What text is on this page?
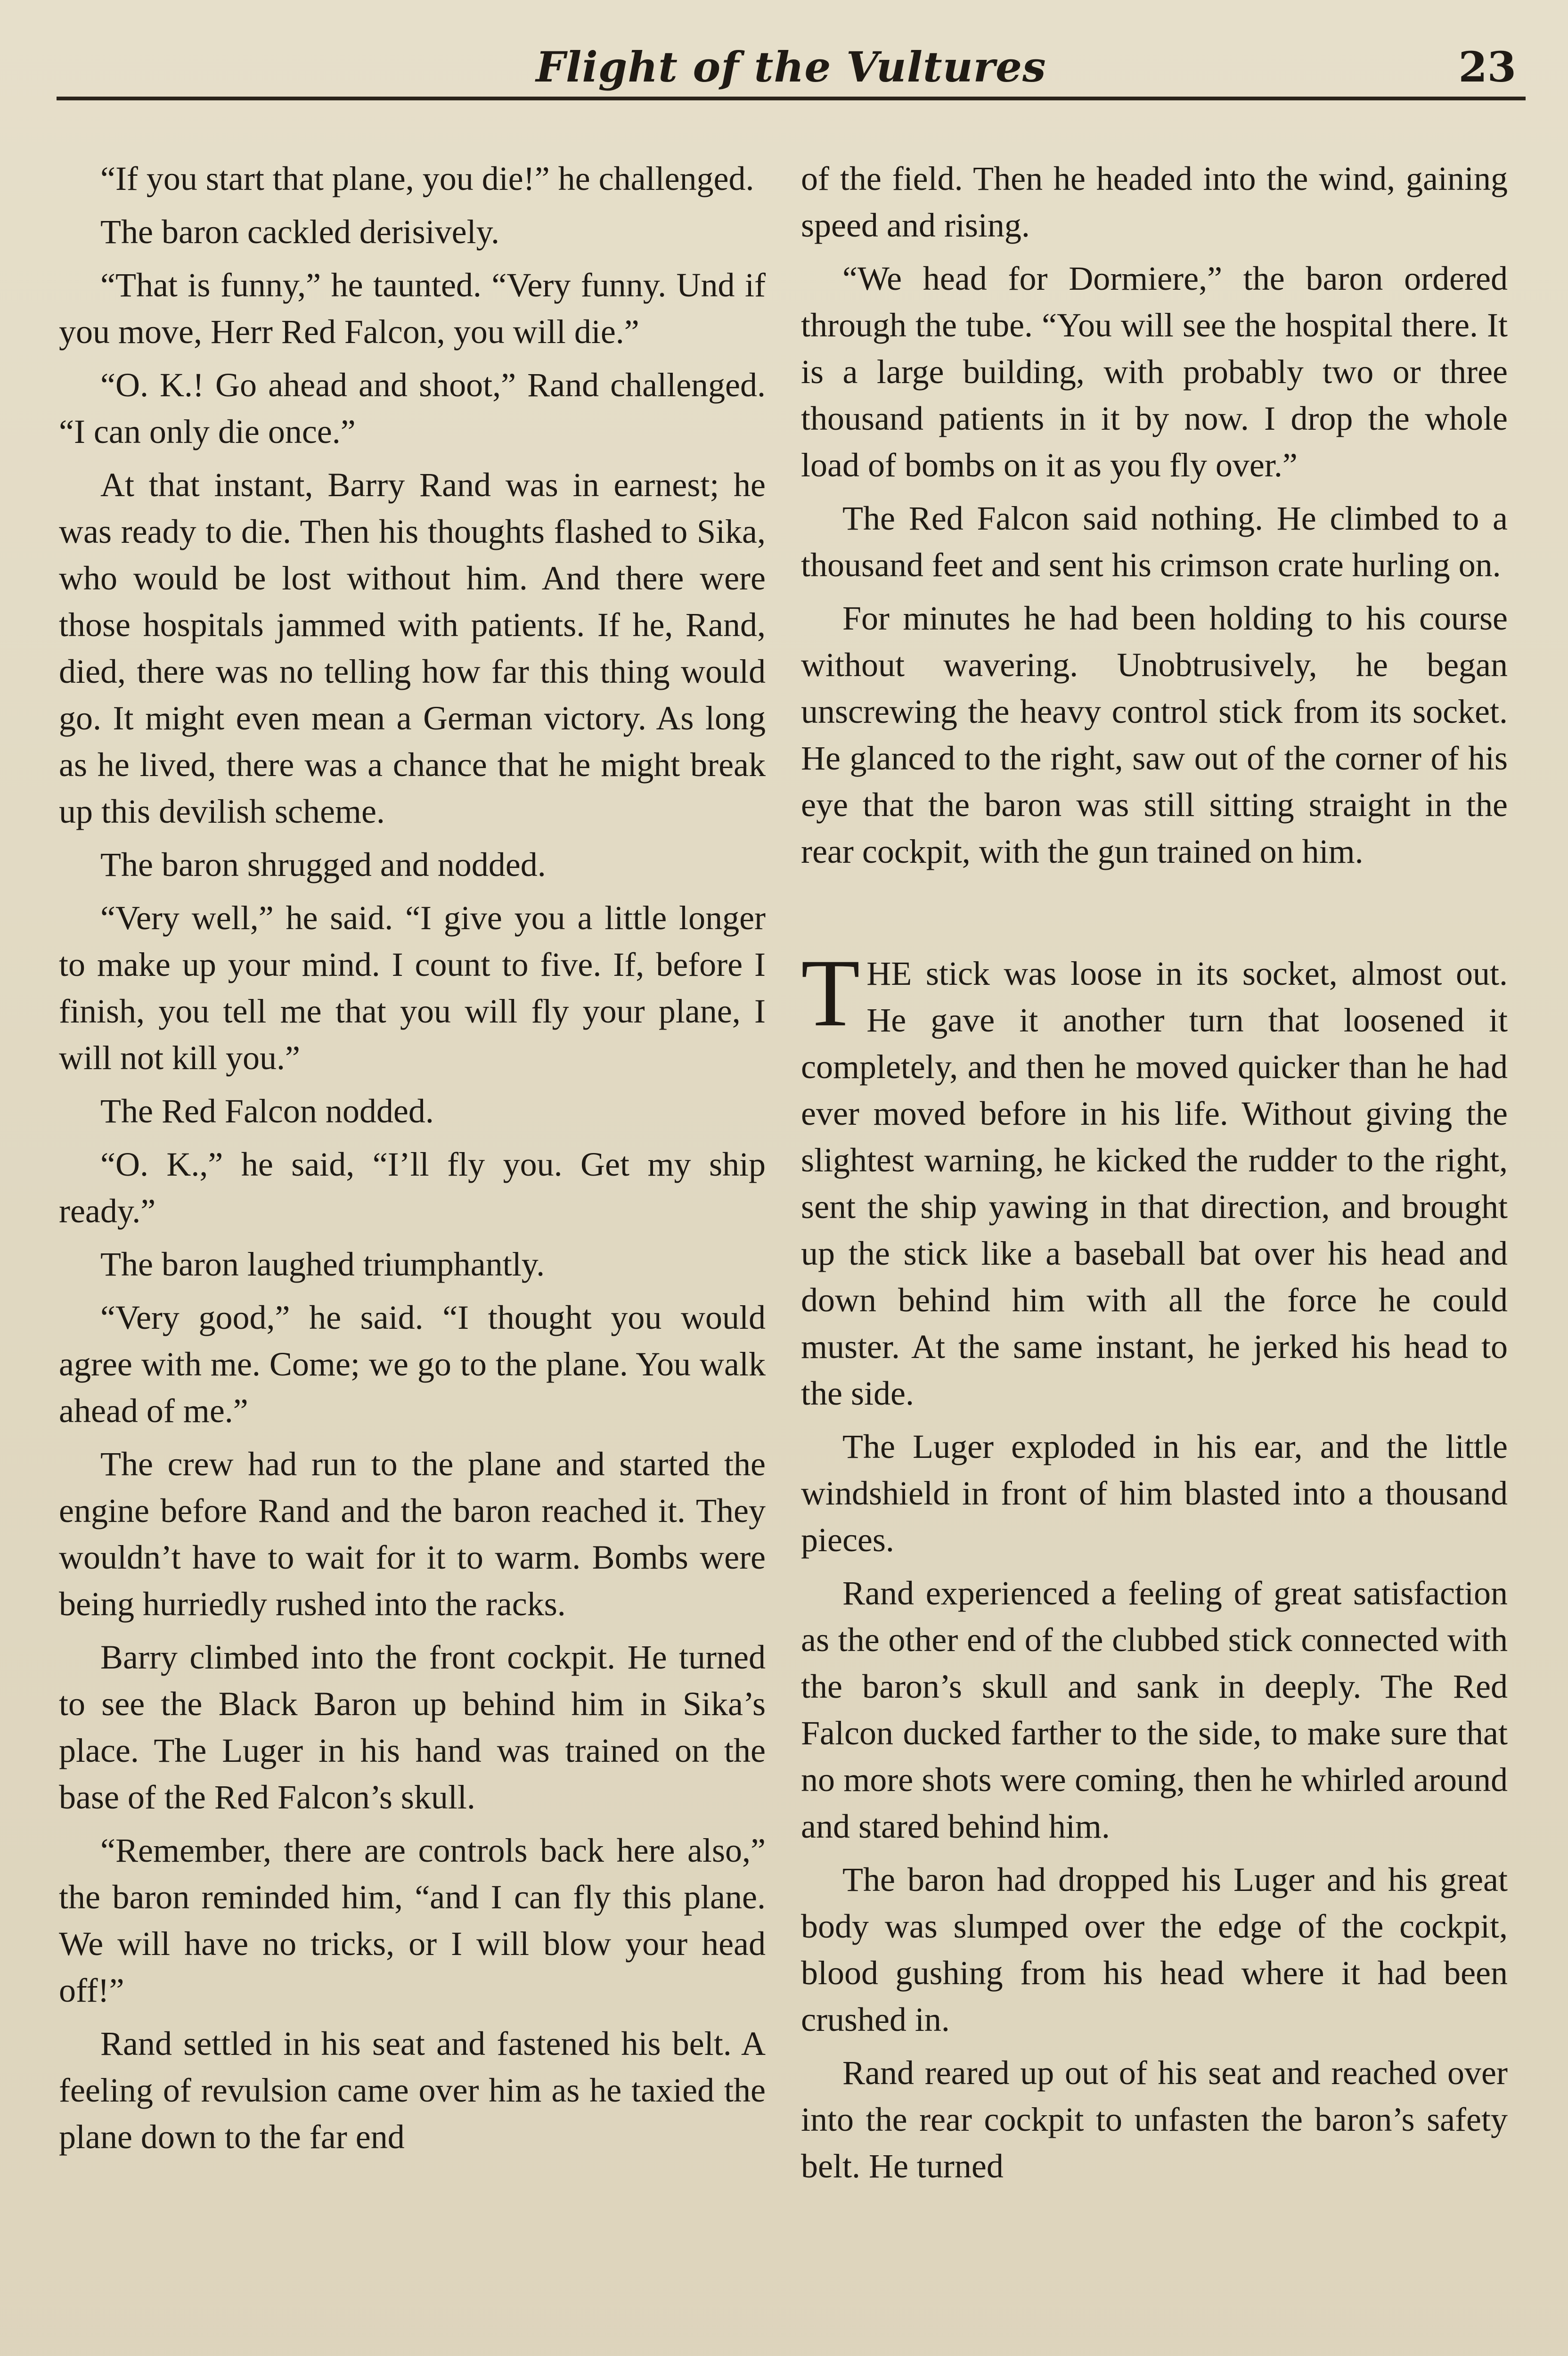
Flight of the Vultures	23

“If you start that plane, you die!” he challenged.

The baron cackled derisively.

“That is funny,” he taunted. “Very funny. Und if you move, Herr Red Falcon, you will die.”

“O. K.! Go ahead and shoot,” Rand challenged. “I can only die once.”

At that instant, Barry Rand was in earnest; he was ready to die. Then his thoughts flashed to Sika, who would be lost without him. And there were those hospitals jammed with patients. If he, Rand, died, there was no telling how far this thing would go. It might even mean a German victory. As long as he lived, there was a chance that he might break up this devilish scheme.

The baron shrugged and nodded.

“Very well,” he said. “I give you a little longer to make up your mind. I count to five. If, before I finish, you tell me that you will fly your plane, I will not kill you.”

The Red Falcon nodded.

“O. K.,” he said, “I’ll fly you. Get my ship ready.”

The baron laughed triumphantly.

“Very good,” he said. “I thought you would agree with me. Come; we go to the plane. You walk ahead of me.”

The crew had run to the plane and started the engine before Rand and the baron reached it. They wouldn’t have to wait for it to warm. Bombs were being hurriedly rushed into the racks.

Barry climbed into the front cockpit. He turned to see the Black Baron up behind him in Sika’s place. The Luger in his hand was trained on the base of the Red Falcon’s skull.

“Remember, there are controls back here also,” the baron reminded him, “and I can fly this plane. We will have no tricks, or I will blow your head off!”

Rand settled in his seat and fastened his belt. A feeling of revulsion came over him as he taxied the plane down to the far end

of the field. Then he headed into the wind, gaining speed and rising.

“We head for Dormiere,” the baron ordered through the tube. “You will see the hospital there. It is a large building, with probably two or three thousand patients in it by now. I drop the whole load of bombs on it as you fly over.”

The Red Falcon said nothing. He climbed to a thousand feet and sent his crimson crate hurling on.

For minutes he had been holding to his course without wavering. Unobtrusively, he began unscrewing the heavy control stick from its socket. He glanced to the right, saw out of the corner of his eye that the baron was still sitting straight in the rear cockpit, with the gun trained on him.

THE stick was loose in its socket, almost out. He gave it another turn that loosened it completely, and then he moved quicker than he had ever moved before in his life. Without giving the slightest warning, he kicked the rudder to the right, sent the ship yawing in that direction, and brought up the stick like a baseball bat over his head and down behind him with all the force he could muster. At the same instant, he jerked his head to the side.

The Luger exploded in his ear, and the little windshield in front of him blasted into a thousand pieces.

Rand experienced a feeling of great satisfaction as the other end of the clubbed stick connected with the baron’s skull and sank in deeply. The Red Falcon ducked farther to the side, to make sure that no more shots were coming, then he whirled around and stared behind him.

The baron had dropped his Luger and his great body was slumped over the edge of the cockpit, blood gushing from his head where it had been crushed in.

Rand reared up out of his seat and reached over into the rear cockpit to unfasten the baron’s safety belt. He turned
